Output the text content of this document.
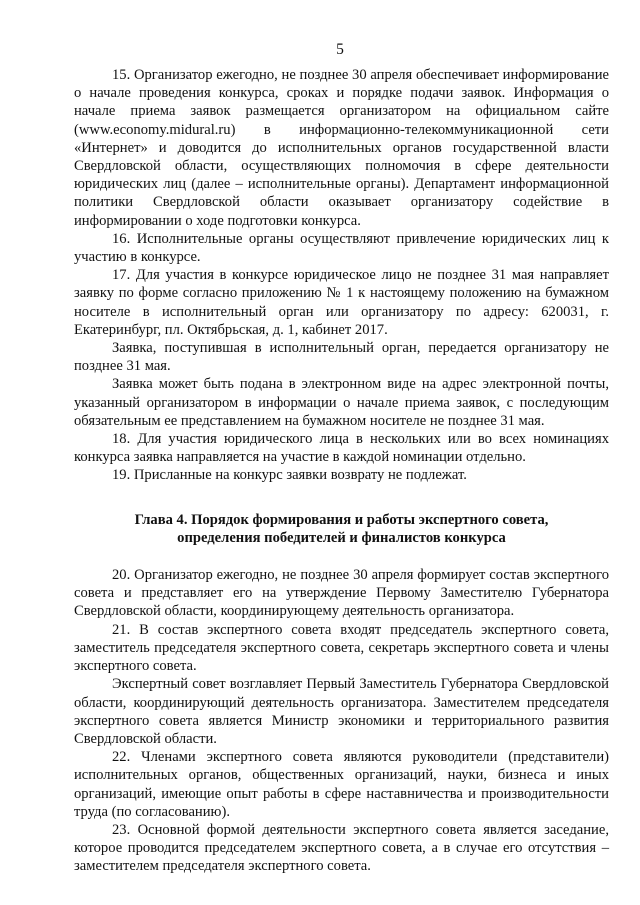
5

15. Организатор ежегодно, не позднее 30 апреля обеспечивает информирование о начале проведения конкурса, сроках и порядке подачи заявок. Информация о начале приема заявок размещается организатором на официальном сайте (www.economy.midural.ru) в информационно-телекоммуникационной сети «Интернет» и доводится до исполнительных органов государственной власти Свердловской области, осуществляющих полномочия в сфере деятельности юридических лиц (далее – исполнительные органы). Департамент информационной политики Свердловской области оказывает организатору содействие в информировании о ходе подготовки конкурса.

16. Исполнительные органы осуществляют привлечение юридических лиц к участию в конкурсе.

17. Для участия в конкурсе юридическое лицо не позднее 31 мая направляет заявку по форме согласно приложению № 1 к настоящему положению на бумажном носителе в исполнительный орган или организатору по адресу: 620031, г. Екатеринбург, пл. Октябрьская, д. 1, кабинет 2017.

Заявка, поступившая в исполнительный орган, передается организатору не позднее 31 мая.

Заявка может быть подана в электронном виде на адрес электронной почты, указанный организатором в информации о начале приема заявок, с последующим обязательным ее представлением на бумажном носителе не позднее 31 мая.

18. Для участия юридического лица в нескольких или во всех номинациях конкурса заявка направляется на участие в каждой номинации отдельно.

19. Присланные на конкурс заявки возврату не подлежат.

Глава 4. Порядок формирования и работы экспертного совета,
определения победителей и финалистов конкурса

20. Организатор ежегодно, не позднее 30 апреля формирует состав экспертного совета и представляет его на утверждение Первому Заместителю Губернатора Свердловской области, координирующему деятельность организатора.

21. В состав экспертного совета входят председатель экспертного совета, заместитель председателя экспертного совета, секретарь экспертного совета и члены экспертного совета.

Экспертный совет возглавляет Первый Заместитель Губернатора Свердловской области, координирующий деятельность организатора. Заместителем председателя экспертного совета является Министр экономики и территориального развития Свердловской области.

22. Членами экспертного совета являются руководители (представители) исполнительных органов, общественных организаций, науки, бизнеса и иных организаций, имеющие опыт работы в сфере наставничества и производительности труда (по согласованию).

23. Основной формой деятельности экспертного совета является заседание, которое проводится председателем экспертного совета, а в случае его отсутствия – заместителем председателя экспертного совета.
